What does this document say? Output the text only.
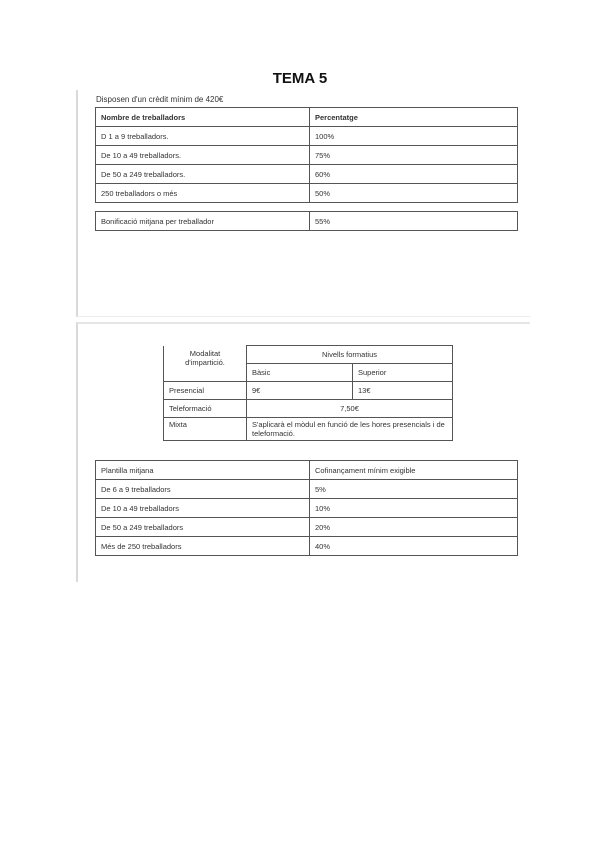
TEMA 5
Disposen d'un crèdit mínim de 420€
Nombre de treballadors	Percentatge
D 1 a 9 treballadors.	100%
De 10 a 49 treballadors.	75%
De 50 a 249 treballadors.	60%
250 treballadors o més	50%
Bonificació mitjana per treballador	55%
Modalitat d'impartició.	Nivells formatius	
	Bàsic	Superior
Presencial	9€	13€
Teleformació	7,50€	
Mixta	S'aplicarà el mòdul en funció de les hores presencials i de teleformació.	
Plantilla mitjana	Cofinançament mínim exigible
De 6 a 9 treballadors	5%
De 10 a 49 treballadors	10%
De 50 a 249 treballadors	20%
Més de 250 treballadors	40%
